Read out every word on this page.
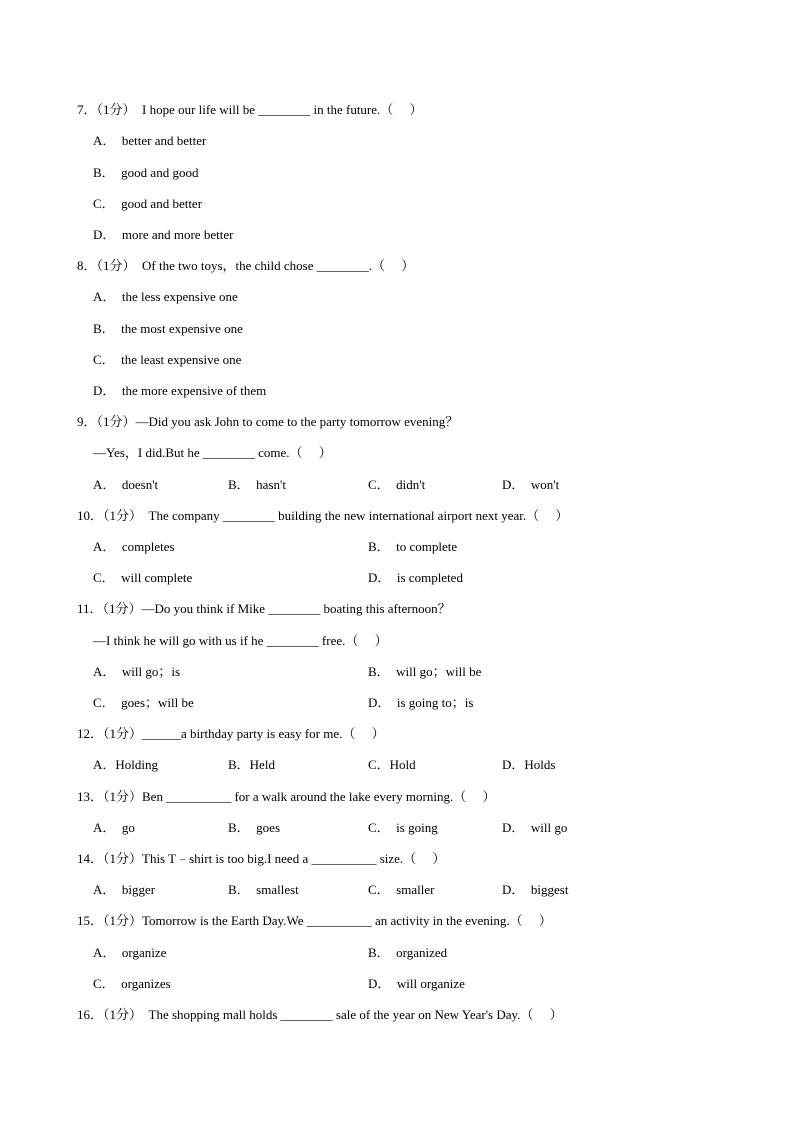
7．（1分）  I hope our life will be ________ in the future.（     ）
A．  better and better
B．  good and good
C．  good and better
D．  more and more better
8．（1分）  Of the two toys，the child chose ________.（     ）
A．  the less expensive one
B．  the most expensive one
C．  the least expensive one
D．  the more expensive of them
9．（1分）—Did you ask John to come to the party tomorrow evening？
—Yes，I did.But he ________ come.（     ）
A．  doesn't	B．  hasn't	C．  didn't	D．  won't
10．（1分）  The company ________ building the new international airport next year.（     ）
A．  completes	B．  to complete
C．  will complete	D．  is completed
11．（1分）—Do you think if Mike ________ boating this afternoon？
—I think he will go with us if he ________ free.（     ）
A．  will go；is	B．  will go；will be
C．  goes；will be	D．  is going to；is
12．（1分）______a birthday party is easy for me.（     ）
A．Holding	B．Held	C．Hold	D．Holds
13．（1分）Ben __________ for a walk around the lake every morning.（     ）
A．  go	B．  goes	C．  is going	D．  will go
14．（1分）This T﹣shirt is too big.I need a __________ size.（     ）
A．  bigger	B．  smallest	C．  smaller	D．  biggest
15．（1分）Tomorrow is the Earth Day.We __________ an activity in the evening.（     ）
A．  organize	B．  organized
C．  organizes	D．  will organize
16．（1分）  The shopping mall holds ________ sale of the year on New Year's Day.（     ）
